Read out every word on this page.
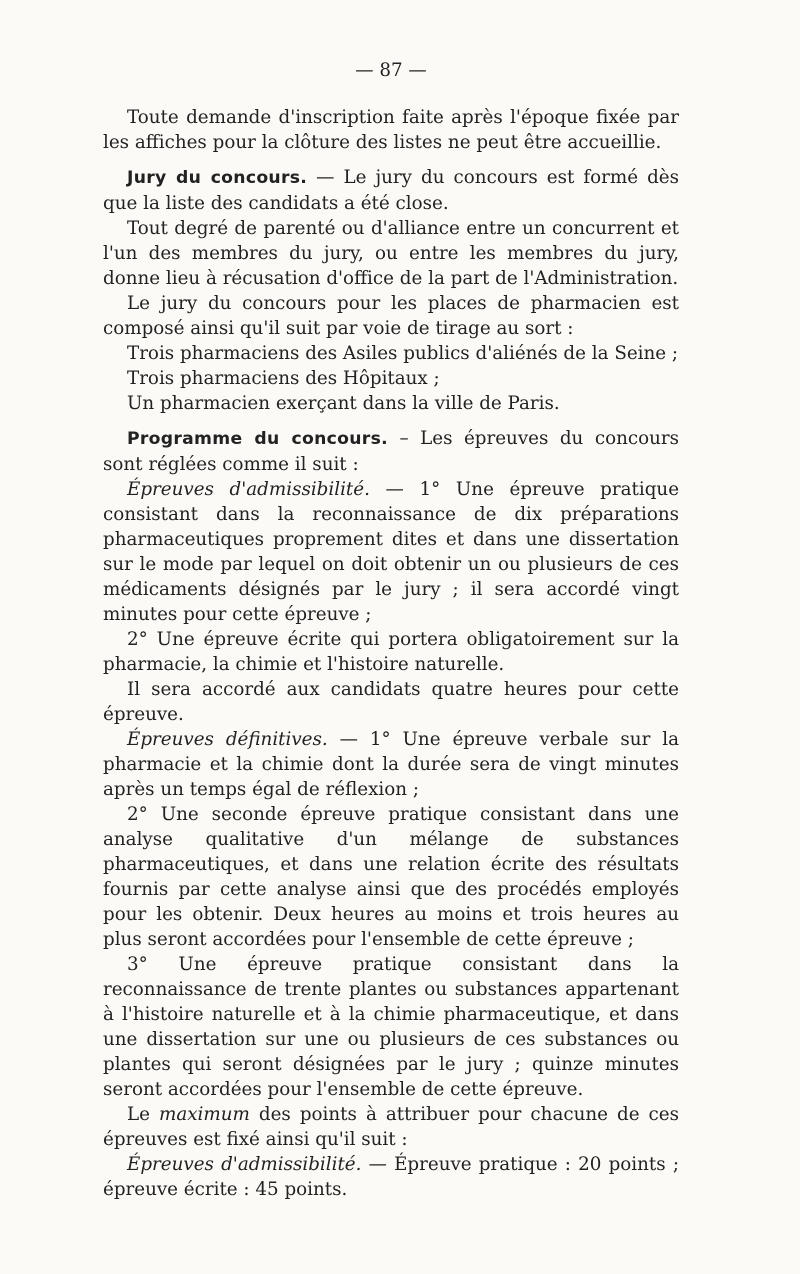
— 87 —

Toute demande d'inscription faite après l'époque fixée par les affiches pour la clôture des listes ne peut être accueillie.

Jury du concours. — Le jury du concours est formé dès que la liste des candidats a été close.

Tout degré de parenté ou d'alliance entre un concurrent et l'un des membres du jury, ou entre les membres du jury, donne lieu à récusation d'office de la part de l'Administration.

Le jury du concours pour les places de pharmacien est composé ainsi qu'il suit par voie de tirage au sort :

Trois pharmaciens des Asiles publics d'aliénés de la Seine ;

Trois pharmaciens des Hôpitaux ;

Un pharmacien exerçant dans la ville de Paris.

Programme du concours. – Les épreuves du concours sont réglées comme il suit :

Épreuves d'admissibilité. — 1° Une épreuve pratique consistant dans la reconnaissance de dix préparations pharmaceutiques proprement dites et dans une dissertation sur le mode par lequel on doit obtenir un ou plusieurs de ces médicaments désignés par le jury ; il sera accordé vingt minutes pour cette épreuve ;

2° Une épreuve écrite qui portera obligatoirement sur la pharmacie, la chimie et l'histoire naturelle.

Il sera accordé aux candidats quatre heures pour cette épreuve.

Épreuves définitives. — 1° Une épreuve verbale sur la pharmacie et la chimie dont la durée sera de vingt minutes après un temps égal de réflexion ;

2° Une seconde épreuve pratique consistant dans une analyse qualitative d'un mélange de substances pharmaceutiques, et dans une relation écrite des résultats fournis par cette analyse ainsi que des procédés employés pour les obtenir. Deux heures au moins et trois heures au plus seront accordées pour l'ensemble de cette épreuve ;

3° Une épreuve pratique consistant dans la reconnaissance de trente plantes ou substances appartenant à l'histoire naturelle et à la chimie pharmaceutique, et dans une dissertation sur une ou plusieurs de ces substances ou plantes qui seront désignées par le jury ; quinze minutes seront accordées pour l'ensemble de cette épreuve.

Le maximum des points à attribuer pour chacune de ces épreuves est fixé ainsi qu'il suit :

Épreuves d'admissibilité. — Épreuve pratique : 20 points ; épreuve écrite : 45 points.
